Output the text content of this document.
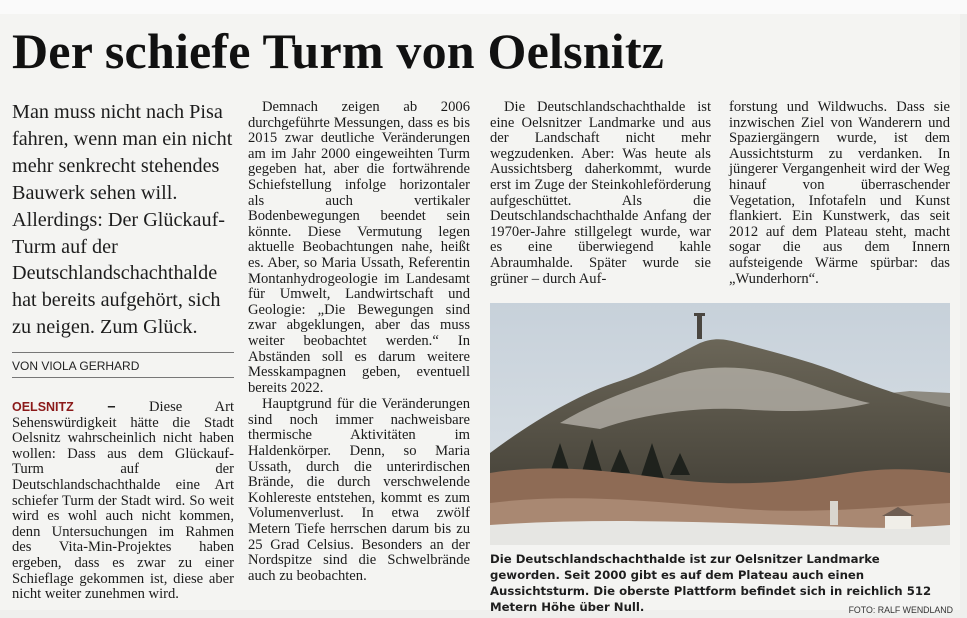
Der schiefe Turm von Oelsnitz

Man muss nicht nach Pisa fahren, wenn man ein nicht mehr senkrecht stehendes Bauwerk sehen will. Allerdings: Der Glückauf-Turm auf der Deutschlandschachthalde hat bereits aufgehört, sich zu neigen. Zum Glück.

VON VIOLA GERHARD

OELSNITZ – Diese Art Sehenswürdigkeit hätte die Stadt Oelsnitz wahrscheinlich nicht haben wollen: Dass aus dem Glückauf-Turm auf der Deutschlandschachthalde eine Art schiefer Turm der Stadt wird. So weit wird es wohl auch nicht kommen, denn Untersuchungen im Rahmen des Vita-Min-Projektes haben ergeben, dass es zwar zu einer Schieflage gekommen ist, diese aber nicht weiter zunehmen wird.

Demnach zeigen ab 2006 durchgeführte Messungen, dass es bis 2015 zwar deutliche Veränderungen am im Jahr 2000 eingeweihten Turm gegeben hat, aber die fortwährende Schiefstellung infolge horizontaler als auch vertikaler Bodenbewegungen beendet sein könnte. Diese Vermutung legen aktuelle Beobachtungen nahe, heißt es. Aber, so Maria Ussath, Referentin Montanhydrogeologie im Landesamt für Umwelt, Landwirtschaft und Geologie: „Die Bewegungen sind zwar abgeklungen, aber das muss weiter beobachtet werden.“ In Abständen soll es darum weitere Messkampagnen geben, eventuell bereits 2022.

Hauptgrund für die Veränderungen sind noch immer nachweisbare thermische Aktivitäten im Haldenkörper. Denn, so Maria Ussath, durch die unterirdischen Brände, die durch verschwelende Kohlereste entstehen, kommt es zum Volumenverlust. In etwa zwölf Metern Tiefe herrschen darum bis zu 25 Grad Celsius. Besonders an der Nordspitze sind die Schwelbrände auch zu beobachten.

Die Deutschlandschachthalde ist eine Oelsnitzer Landmarke und aus der Landschaft nicht mehr wegzudenken. Aber: Was heute als Aussichtsberg daherkommt, wurde erst im Zuge der Steinkohleförderung aufgeschüttet. Als die Deutschlandschachthalde Anfang der 1970er-Jahre stillgelegt wurde, war es eine überwiegend kahle Abraumhalde. Später wurde sie grüner – durch Auf-

forstung und Wildwuchs. Dass sie inzwischen Ziel von Wanderern und Spaziergängern wurde, ist dem Aussichtsturm zu verdanken. In jüngerer Vergangenheit wird der Weg hinauf von überraschender Vegetation, Infotafeln und Kunst flankiert. Ein Kunstwerk, das seit 2012 auf dem Plateau steht, macht sogar die aus dem Innern aufsteigende Wärme spürbar: das „Wunderhorn“.

Die Deutschlandschachthalde ist zur Oelsnitzer Landmarke geworden. Seit 2000 gibt es auf dem Plateau auch einen Aussichtsturm. Die oberste Plattform befindet sich in reichlich 512 Metern Höhe über Null.	FOTO: RALF WENDLAND
